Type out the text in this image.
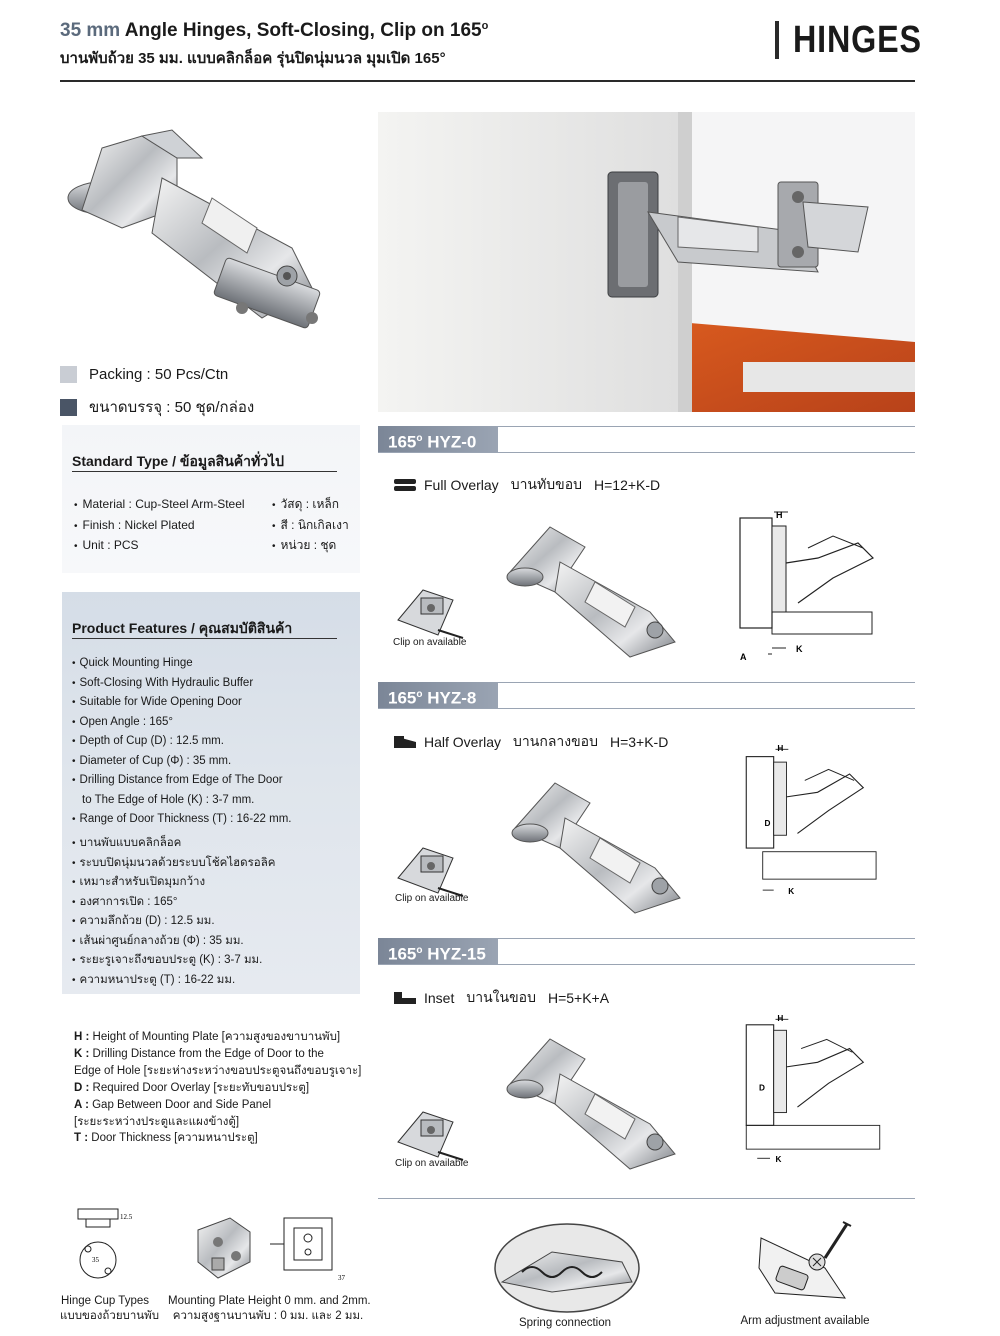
35 mm Angle Hinges, Soft-Closing, Clip on 165$^o$
บานพับถ้วย 35 มม. แบบคลิกล็อค รุ่นปิดนุ่มนวล มุมเปิด 165°	HINGES
Packing : 50 Pcs/Ctn
ขนาดบรรจุ : 50 ชุด/กล่อง
Standard Type / ข้อมูลสินค้าทั่วไป
• Material : Cup-Steel Arm-Steel
• Finish : Nickel Plated
• Unit : PCS
• วัสดุ : เหล็ก
• สี : นิกเกิลเงา
• หน่วย : ชุด
Product Features / คุณสมบัติสินค้า
• Quick Mounting Hinge
• Soft-Closing With Hydraulic Buffer
• Suitable for Wide Opening Door
• Open Angle : 165°
• Depth of Cup (D) : 12.5 mm.
• Diameter of Cup (Φ) : 35 mm.
• Drilling Distance from Edge of The Door
to The Edge of Hole (K) : 3-7 mm.
• Range of Door Thickness (T) : 16-22 mm.
• บานพับแบบคลิกล็อค
• ระบบปิดนุ่มนวลด้วยระบบโช้คไฮดรอลิค
• เหมาะสำหรับเปิดมุมกว้าง
• องศาการเปิด : 165°
• ความลึกถ้วย (D) : 12.5 มม.
• เส้นผ่าศูนย์กลางถ้วย (Φ) : 35 มม.
• ระยะรูเจาะถึงขอบประตู (K) : 3-7 มม.
• ความหนาประตู (T) : 16-22 มม.
H : Height of Mounting Plate [ความสูงของขาบานพับ]
K : Drilling Distance from the Edge of Door to the
Edge of Hole [ระยะห่างระหว่างขอบประตูจนถึงขอบรูเจาะ]
D : Required Door Overlay [ระยะทับขอบประตู]
A : Gap Between Door and Side Panel
[ระยะระหว่างประตูและแผงข้างตู้]
T : Door Thickness [ความหนาประตู]
165$^o$ HYZ-0
Full Overlay บานทับขอบ H=12+K-D
Clip on available
H
A
K
165$^o$ HYZ-8
Half Overlay บานกลางขอบ H=3+K-D
Clip on available
H
D
K
165$^o$ HYZ-15
Inset บานในขอบ H=5+K+A
Clip on available
H
D
K
12.5
35
37
Hinge Cup Types
แบบของถ้วยบานพับ
Mounting Plate Height 0 mm. and 2mm.
ความสูงฐานบานพับ : 0 มม. และ 2 มม.
Spring connection	Arm adjustment available
